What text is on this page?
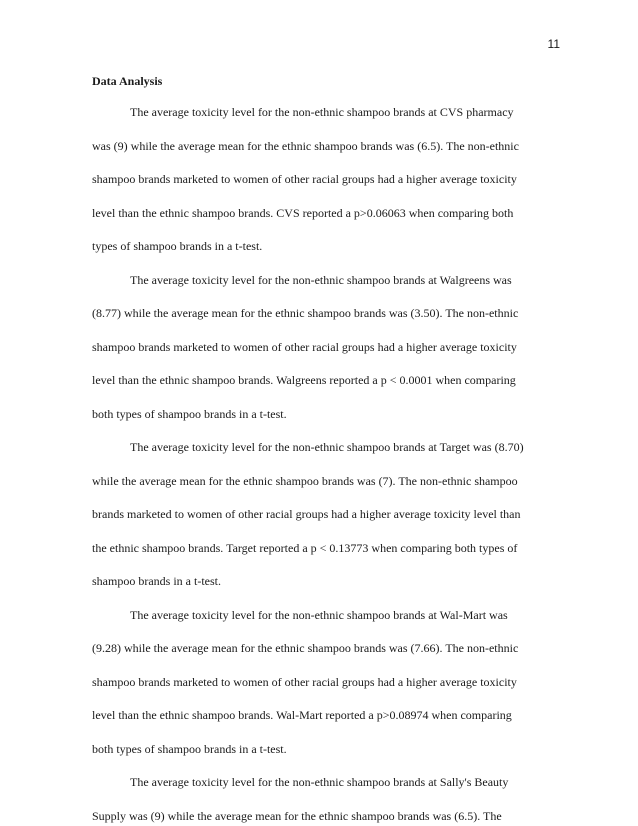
11
Data Analysis
The average toxicity level for the non-ethnic shampoo brands at CVS pharmacy
was (9) while the average mean for the ethnic shampoo brands was (6.5). The non-ethnic
shampoo brands marketed to women of other racial groups had a higher average toxicity
level than the ethnic shampoo brands. CVS reported a p>0.06063 when comparing both
types of shampoo brands in a t-test.
The average toxicity level for the non-ethnic shampoo brands at Walgreens was
(8.77) while the average mean for the ethnic shampoo brands was (3.50). The non-ethnic
shampoo brands marketed to women of other racial groups had a higher average toxicity
level than the ethnic shampoo brands. Walgreens reported a p < 0.0001 when comparing
both types of shampoo brands in a t-test.
The average toxicity level for the non-ethnic shampoo brands at Target was (8.70)
while the average mean for the ethnic shampoo brands was (7). The non-ethnic shampoo
brands marketed to women of other racial groups had a higher average toxicity level than
the ethnic shampoo brands. Target reported a p < 0.13773 when comparing both types of
shampoo brands in a t-test.
The average toxicity level for the non-ethnic shampoo brands at Wal-Mart was
(9.28) while the average mean for the ethnic shampoo brands was (7.66). The non-ethnic
shampoo brands marketed to women of other racial groups had a higher average toxicity
level than the ethnic shampoo brands. Wal-Mart reported a p>0.08974 when comparing
both types of shampoo brands in a t-test.
The average toxicity level for the non-ethnic shampoo brands at Sally's Beauty
Supply was (9) while the average mean for the ethnic shampoo brands was (6.5). The
